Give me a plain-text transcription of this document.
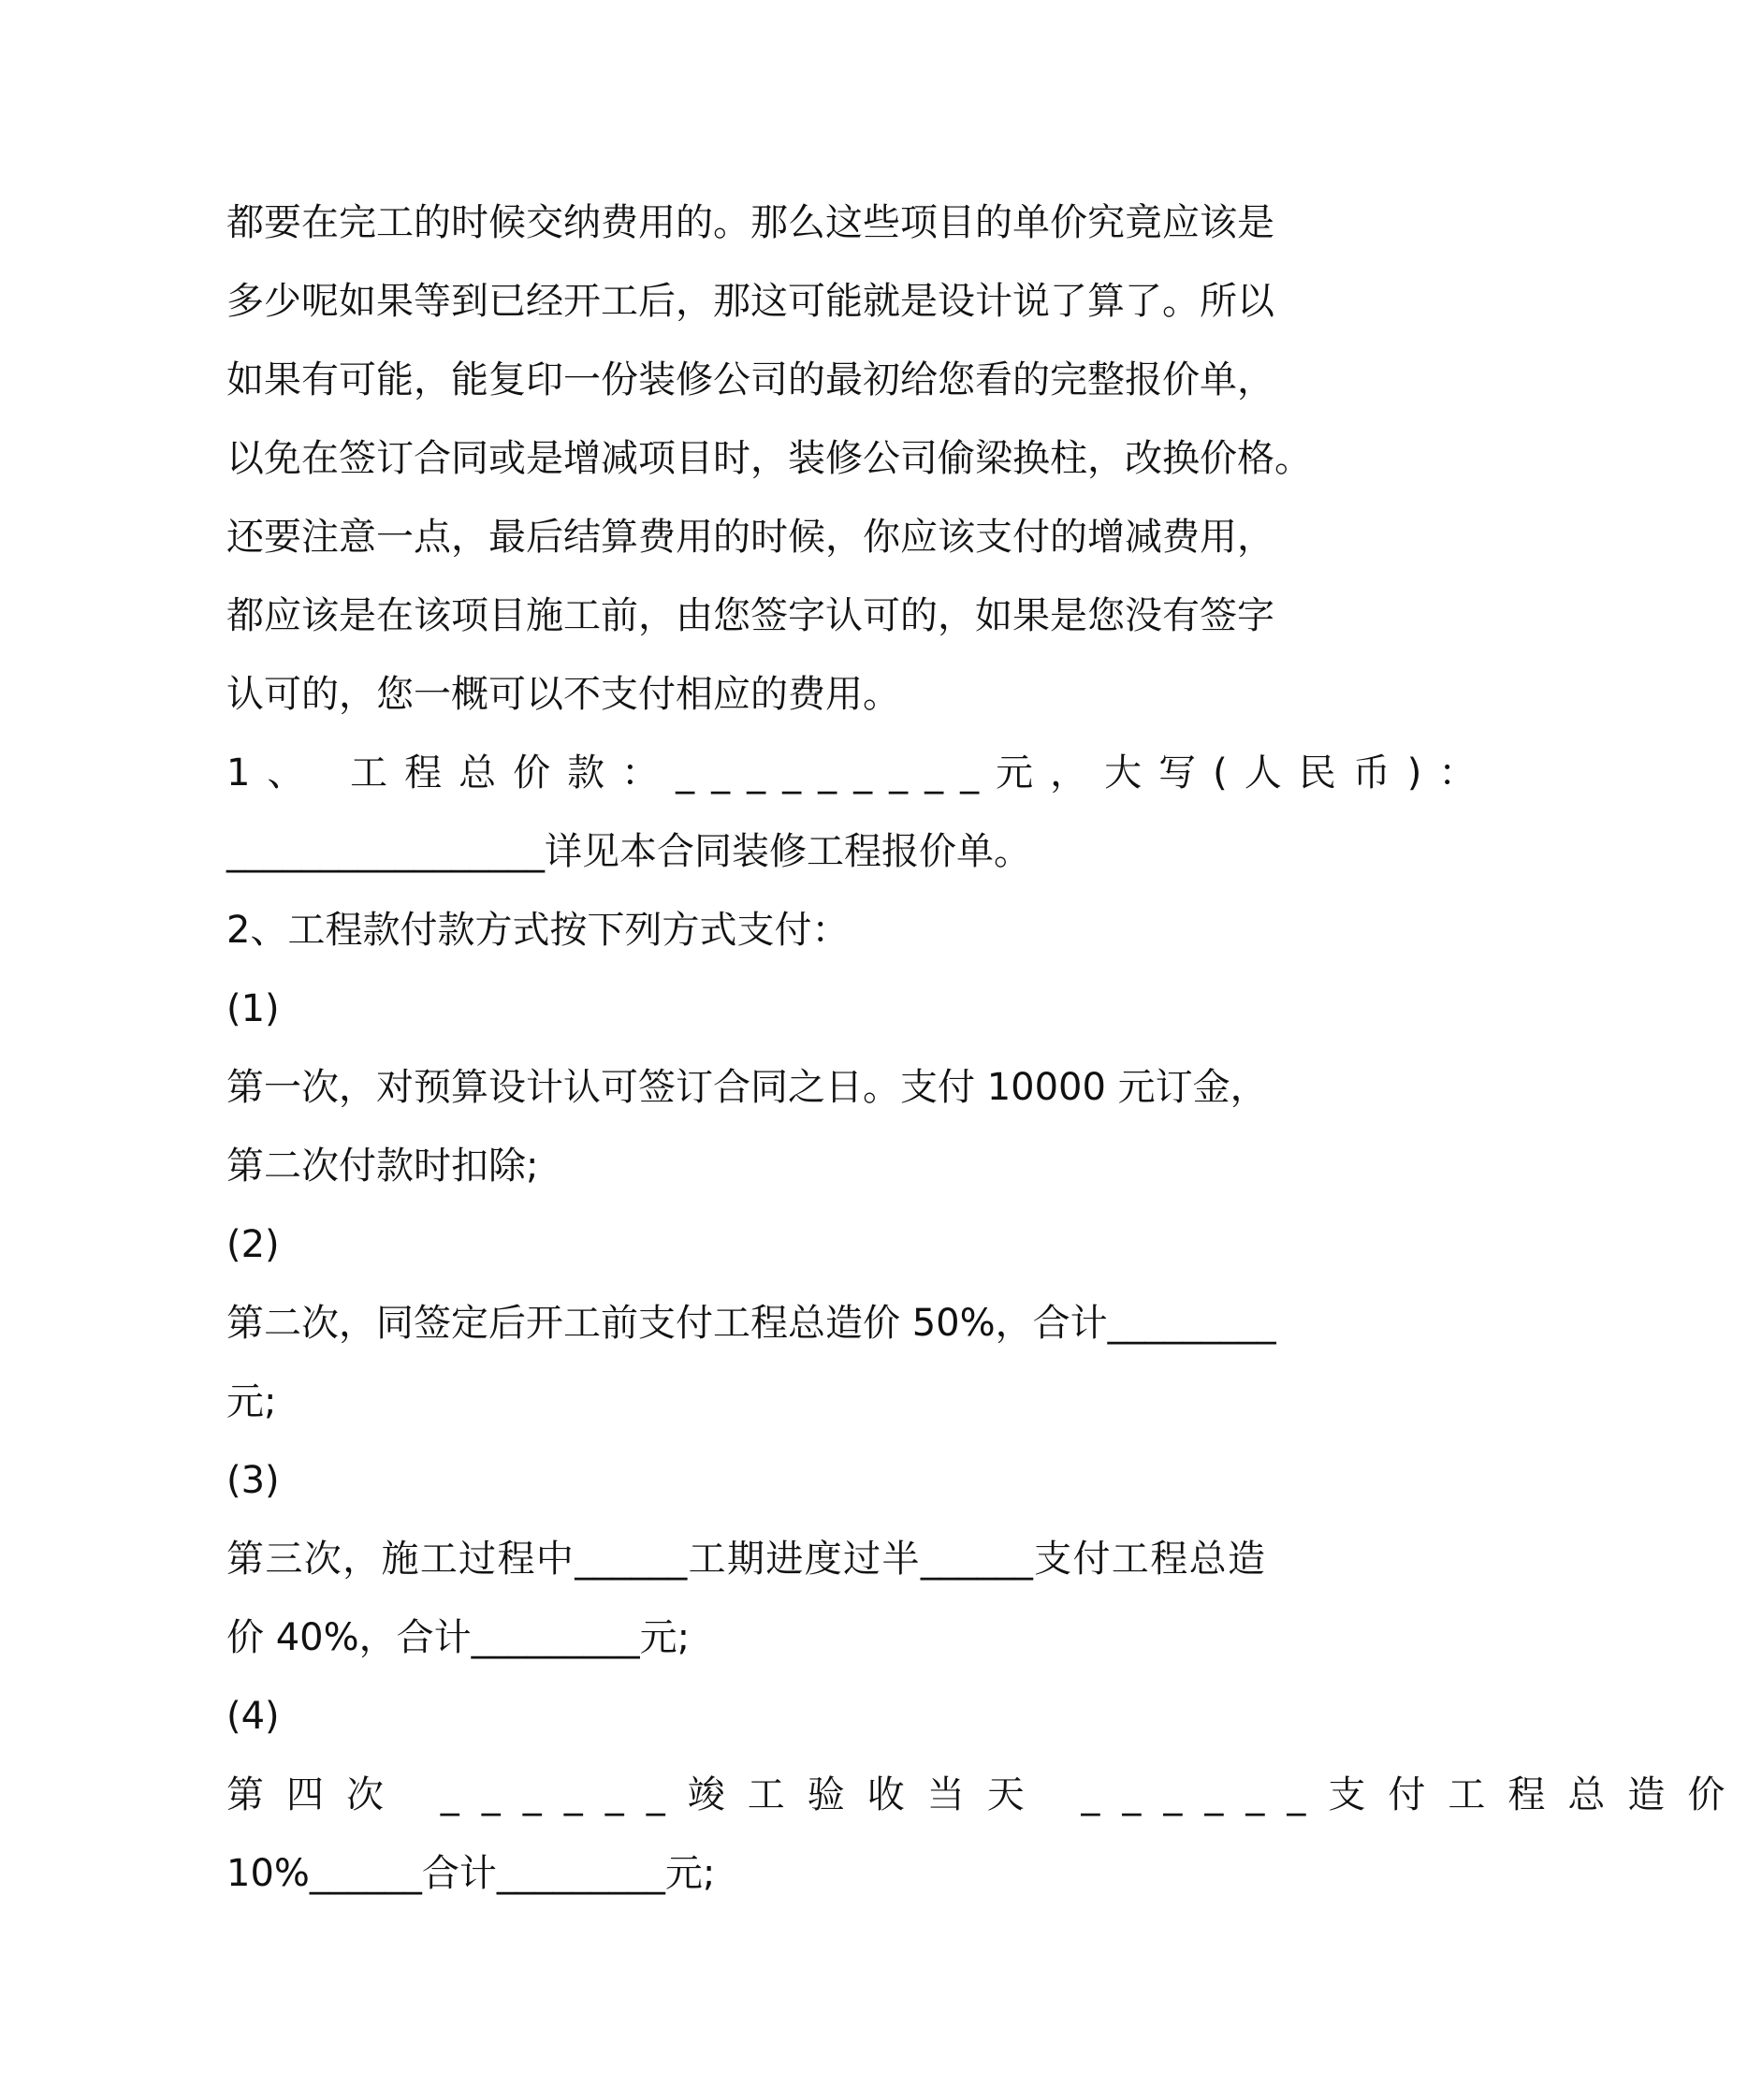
都要在完工的时候交纳费用的。那么这些项目的单价究竟应该是
多少呢如果等到已经开工后，那这可能就是设计说了算了。所以
如果有可能，能复印一份装修公司的最初给您看的完整报价单，
以免在签订合同或是增减项目时，装修公司偷梁换柱，改换价格。
还要注意一点，最后结算费用的时候，你应该支付的增减费用，
都应该是在该项目施工前，由您签字认可的，如果是您没有签字
认可的，您一概可以不支付相应的费用。
1、 工程总价款：_________元，大写(人民币)：
_________________详见本合同装修工程报价单。
2、工程款付款方式按下列方式支付：
(1)
第一次，对预算设计认可签订合同之日。支付 10000 元订金，
第二次付款时扣除;
(2)
第二次，同签定后开工前支付工程总造价 50%，合计_________
元;
(3)
第三次，施工过程中______工期进度过半______支付工程总造
价 40%，合计_________元;
(4)
第四次 ______竣工验收当天 ______支付工程总造价
10%______合计_________元;
